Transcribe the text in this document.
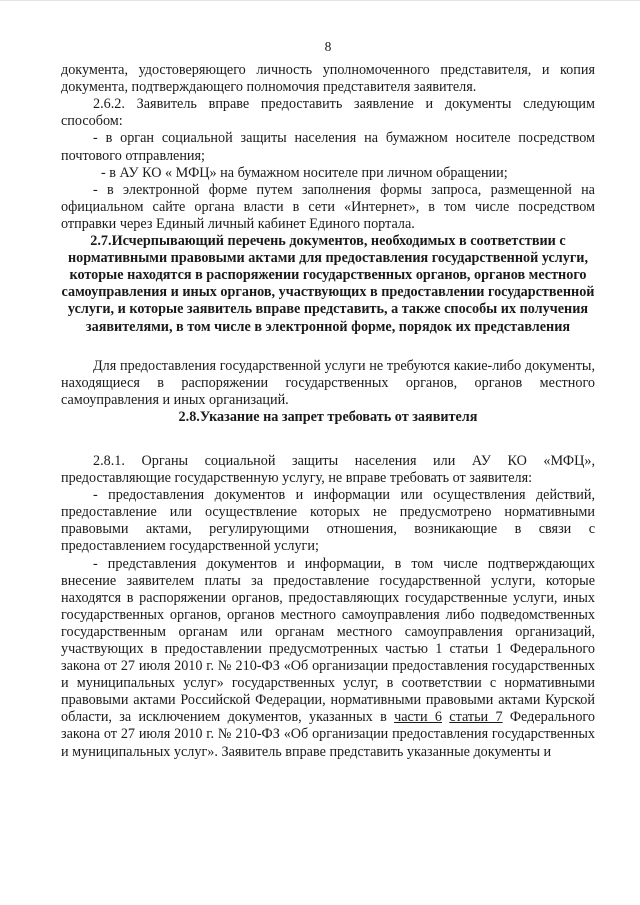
8

документа, удостоверяющего личность уполномоченного представителя, и копия документа, подтверждающего полномочия представителя заявителя.

2.6.2. Заявитель вправе предоставить заявление и документы следующим способом:

- в орган социальной защиты населения на бумажном носителе посредством почтового отправления;

- в АУ КО « МФЦ» на бумажном носителе при личном обращении;

- в электронной форме путем заполнения формы запроса, размещенной на официальном сайте органа власти в сети «Интернет», в том числе посредством отправки через Единый личный кабинет Единого портала.

2.7.Исчерпывающий перечень документов, необходимых в соответствии с нормативными правовыми актами для предоставления государственной услуги, которые находятся в распоряжении государственных органов, органов местного самоуправления и иных органов, участвующих в предоставлении государственной услуги, и которые заявитель вправе представить, а также способы их получения заявителями, в том числе в электронной форме, порядок их представления

Для предоставления государственной услуги не требуются какие-либо документы, находящиеся в распоряжении государственных органов, органов местного самоуправления и иных организаций.

2.8.Указание на запрет требовать от заявителя

2.8.1. Органы социальной защиты населения или АУ КО «МФЦ», предоставляющие государственную услугу, не вправе требовать от заявителя:

- предоставления документов и информации или осуществления действий, предоставление или осуществление которых не предусмотрено нормативными правовыми актами, регулирующими отношения, возникающие в связи с предоставлением государственной услуги;

- представления документов и информации, в том числе подтверждающих внесение заявителем платы за предоставление государственной услуги, которые находятся в распоряжении органов, предоставляющих государственные услуги, иных государственных органов, органов местного самоуправления либо подведомственных государственным органам или органам местного самоуправления организаций, участвующих в предоставлении предусмотренных частью 1 статьи 1 Федерального закона от 27 июля 2010 г. № 210-ФЗ «Об организации предоставления государственных и муниципальных услуг» государственных услуг, в соответствии с нормативными правовыми актами Российской Федерации, нормативными правовыми актами Курской области, за исключением документов, указанных в части 6 статьи 7 Федерального закона от 27 июля 2010 г. № 210-ФЗ «Об организации предоставления государственных и муниципальных услуг». Заявитель вправе представить указанные документы и
